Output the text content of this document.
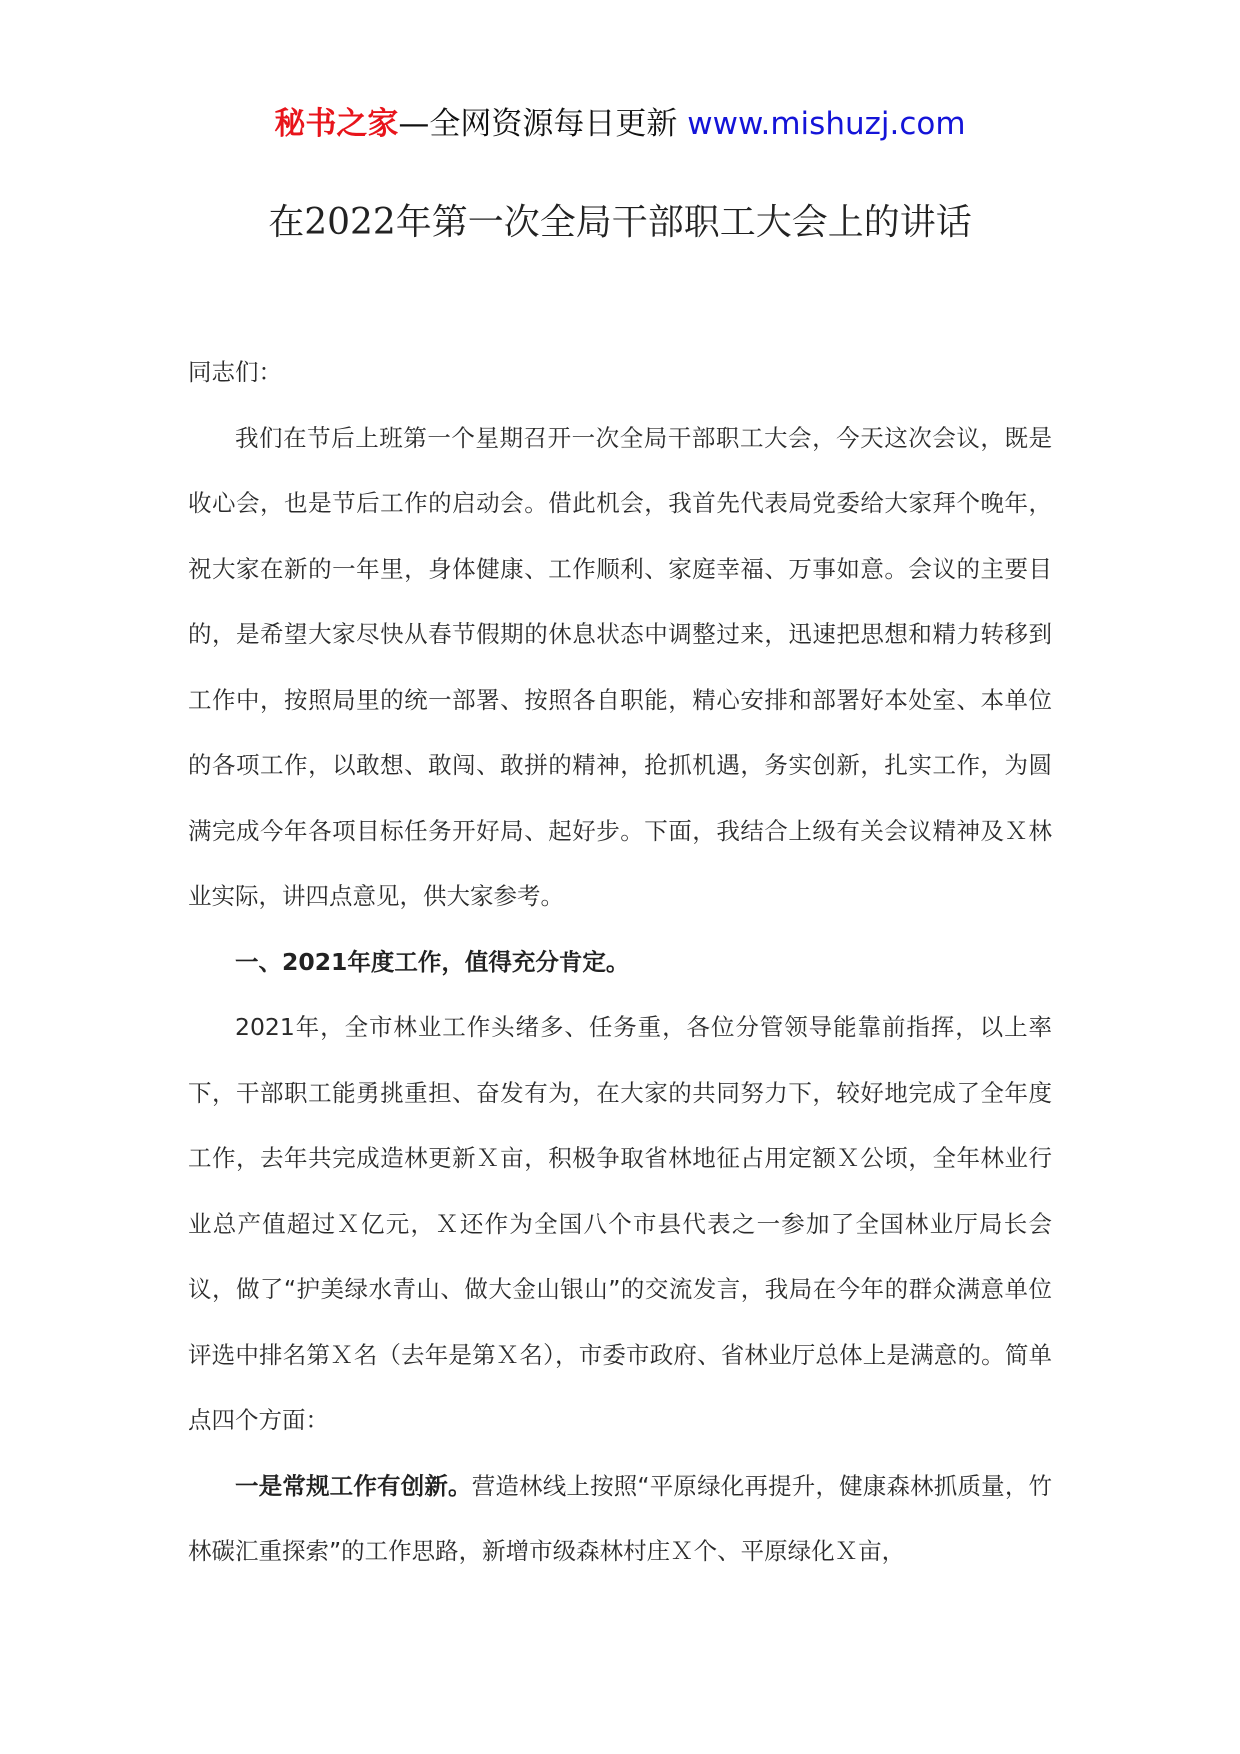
秘书之家—全网资源每日更新 www.mishuzj.com
在2022年第一次全局干部职工大会上的讲话

同志们：

我们在节后上班第一个星期召开一次全局干部职工大会，今天这次会议，既是收心会，也是节后工作的启动会。借此机会，我首先代表局党委给大家拜个晚年，祝大家在新的一年里，身体健康、工作顺利、家庭幸福、万事如意。会议的主要目的，是希望大家尽快从春节假期的休息状态中调整过来，迅速把思想和精力转移到工作中，按照局里的统一部署、按照各自职能，精心安排和部署好本处室、本单位的各项工作，以敢想、敢闯、敢拼的精神，抢抓机遇，务实创新，扎实工作，为圆满完成今年各项目标任务开好局、起好步。下面，我结合上级有关会议精神及Ｘ林业实际，讲四点意见，供大家参考。

一、2021年度工作，值得充分肯定。

2021年，全市林业工作头绪多、任务重，各位分管领导能靠前指挥，以上率下，干部职工能勇挑重担、奋发有为，在大家的共同努力下，较好地完成了全年度工作，去年共完成造林更新Ｘ亩，积极争取省林地征占用定额Ｘ公顷，全年林业行业总产值超过Ｘ亿元，Ｘ还作为全国八个市县代表之一参加了全国林业厅局长会议，做了“护美绿水青山、做大金山银山”的交流发言，我局在今年的群众满意单位评选中排名第Ｘ名（去年是第Ｘ名），市委市政府、省林业厅总体上是满意的。简单点四个方面：

一是常规工作有创新。营造林线上按照“平原绿化再提升，健康森林抓质量，竹林碳汇重探索”的工作思路，新增市级森林村庄Ｘ个、平原绿化Ｘ亩，
